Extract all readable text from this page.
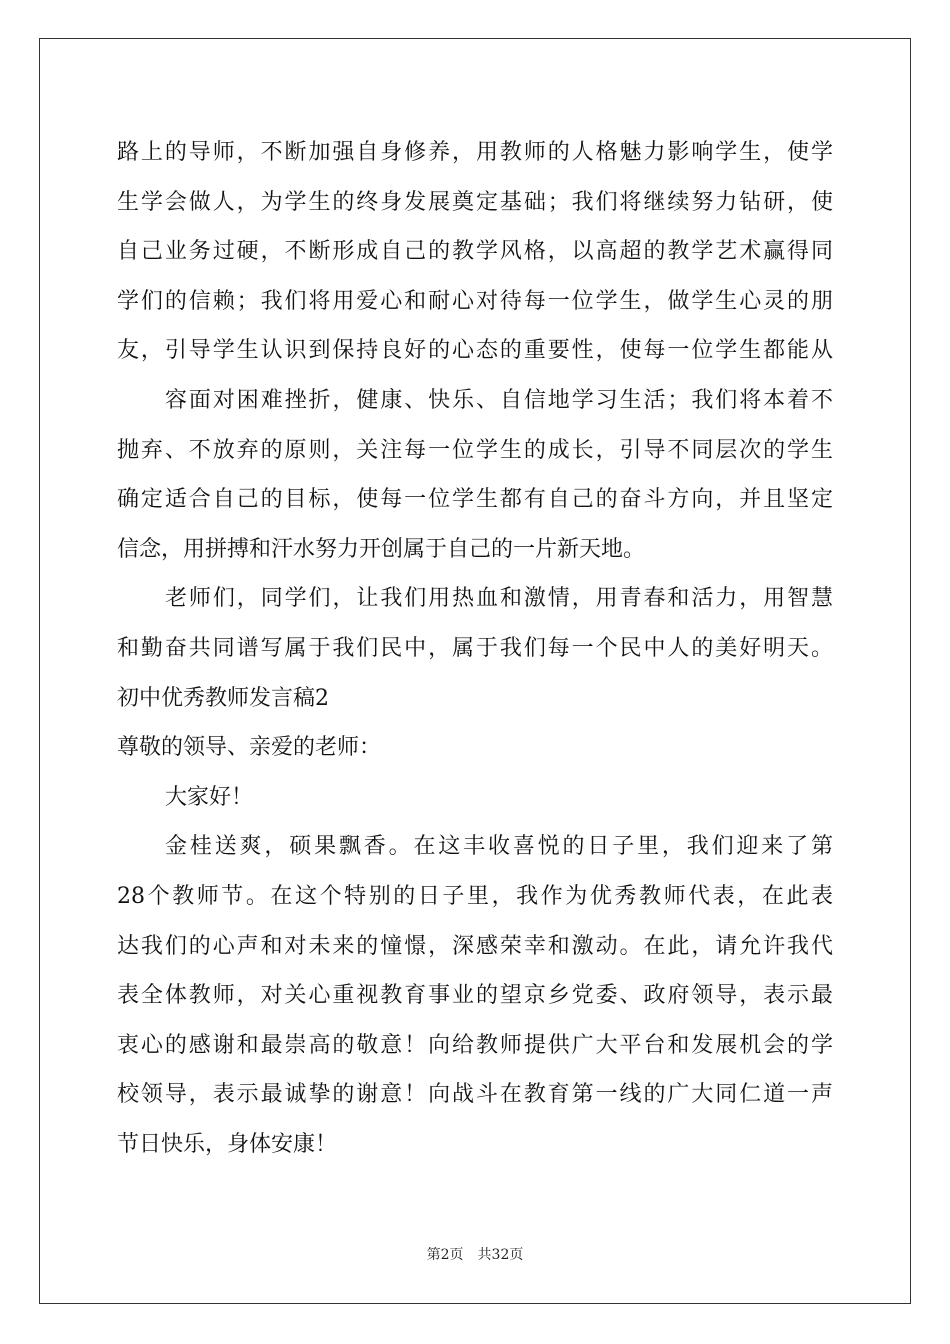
路上的导师，不断加强自身修养，用教师的人格魅力影响学生，使学
生学会做人，为学生的终身发展奠定基础；我们将继续努力钻研，使
自己业务过硬，不断形成自己的教学风格，以高超的教学艺术赢得同
学们的信赖；我们将用爱心和耐心对待每一位学生，做学生心灵的朋
友，引导学生认识到保持良好的心态的重要性，使每一位学生都能从
容面对困难挫折，健康、快乐、自信地学习生活；我们将本着不
抛弃、不放弃的原则，关注每一位学生的成长，引导不同层次的学生
确定适合自己的目标，使每一位学生都有自己的奋斗方向，并且坚定
信念，用拼搏和汗水努力开创属于自己的一片新天地。
老师们，同学们，让我们用热血和激情，用青春和活力，用智慧
和勤奋共同谱写属于我们民中，属于我们每一个民中人的美好明天。
初中优秀教师发言稿2
尊敬的领导、亲爱的老师：
大家好！
金桂送爽，硕果飘香。在这丰收喜悦的日子里，我们迎来了第
28个教师节。在这个特别的日子里，我作为优秀教师代表，在此表
达我们的心声和对未来的憧憬，深感荣幸和激动。在此，请允许我代
表全体教师，对关心重视教育事业的望京乡党委、政府领导，表示最
衷心的感谢和最崇高的敬意！向给教师提供广大平台和发展机会的学
校领导，表示最诚挚的谢意！向战斗在教育第一线的广大同仁道一声
节日快乐，身体安康！
第2页　共32页
